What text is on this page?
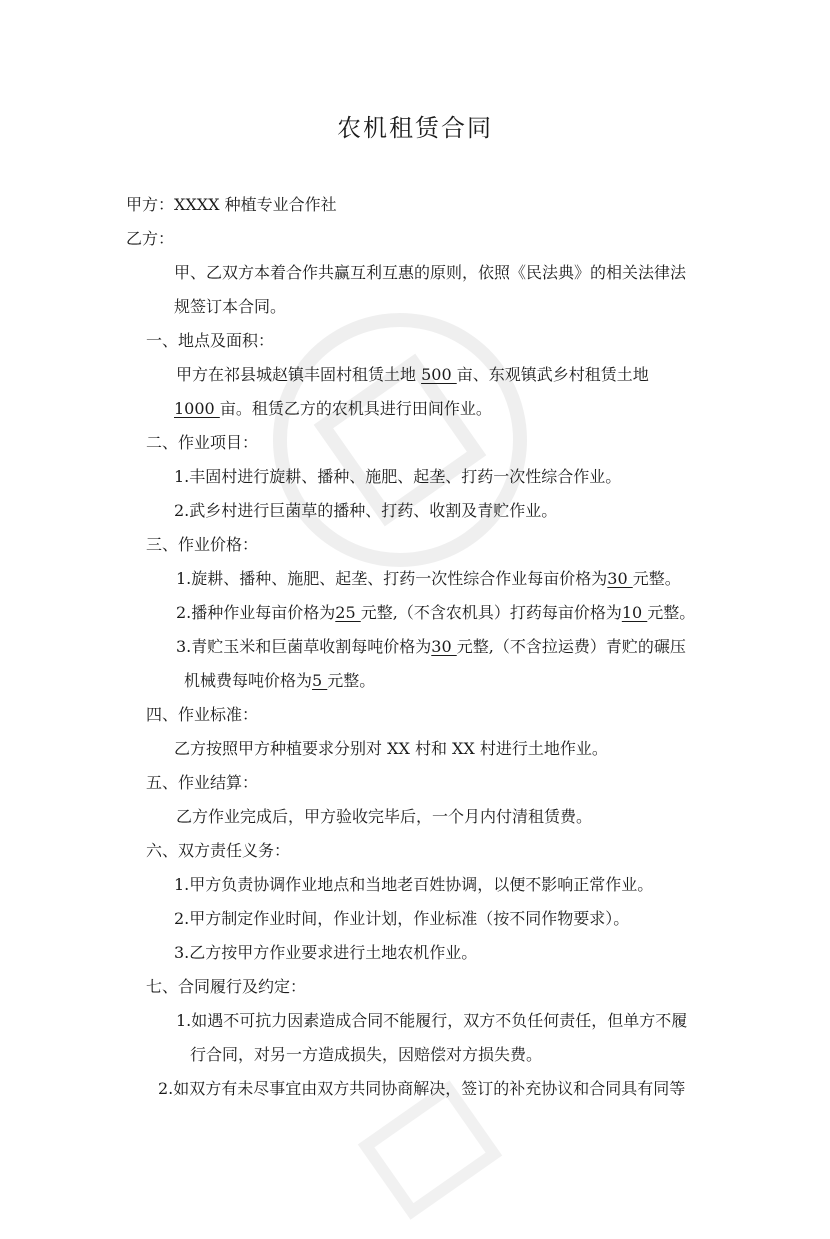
农机租赁合同
甲方：XXXX 种植专业合作社
乙方：
甲、乙双方本着合作共赢互利互惠的原则，依照《民法典》的相关法律法
规签订本合同。
一、地点及面积：
甲方在祁县城赵镇丰固村租赁土地 500 亩、东观镇武乡村租赁土地
1000 亩。租赁乙方的农机具进行田间作业。
二、作业项目：
1.丰固村进行旋耕、播种、施肥、起垄、打药一次性综合作业。
2.武乡村进行巨菌草的播种、打药、收割及青贮作业。
三、作业价格：
1.旋耕、播种、施肥、起垄、打药一次性综合作业每亩价格为30 元整。
2.播种作业每亩价格为25 元整,（不含农机具）打药每亩价格为10 元整。
3.青贮玉米和巨菌草收割每吨价格为30 元整,（不含拉运费）青贮的碾压
机械费每吨价格为5 元整。
四、作业标准：
乙方按照甲方种植要求分别对 XX 村和 XX 村进行土地作业。
五、作业结算：
乙方作业完成后，甲方验收完毕后，一个月内付清租赁费。
六、双方责任义务：
1.甲方负责协调作业地点和当地老百姓协调，以便不影响正常作业。
2.甲方制定作业时间，作业计划，作业标准（按不同作物要求）。
3.乙方按甲方作业要求进行土地农机作业。
七、合同履行及约定：
1.如遇不可抗力因素造成合同不能履行，双方不负任何责任，但单方不履
行合同，对另一方造成损失，因赔偿对方损失费。
2.如双方有未尽事宜由双方共同协商解决，签订的补充协议和合同具有同等
